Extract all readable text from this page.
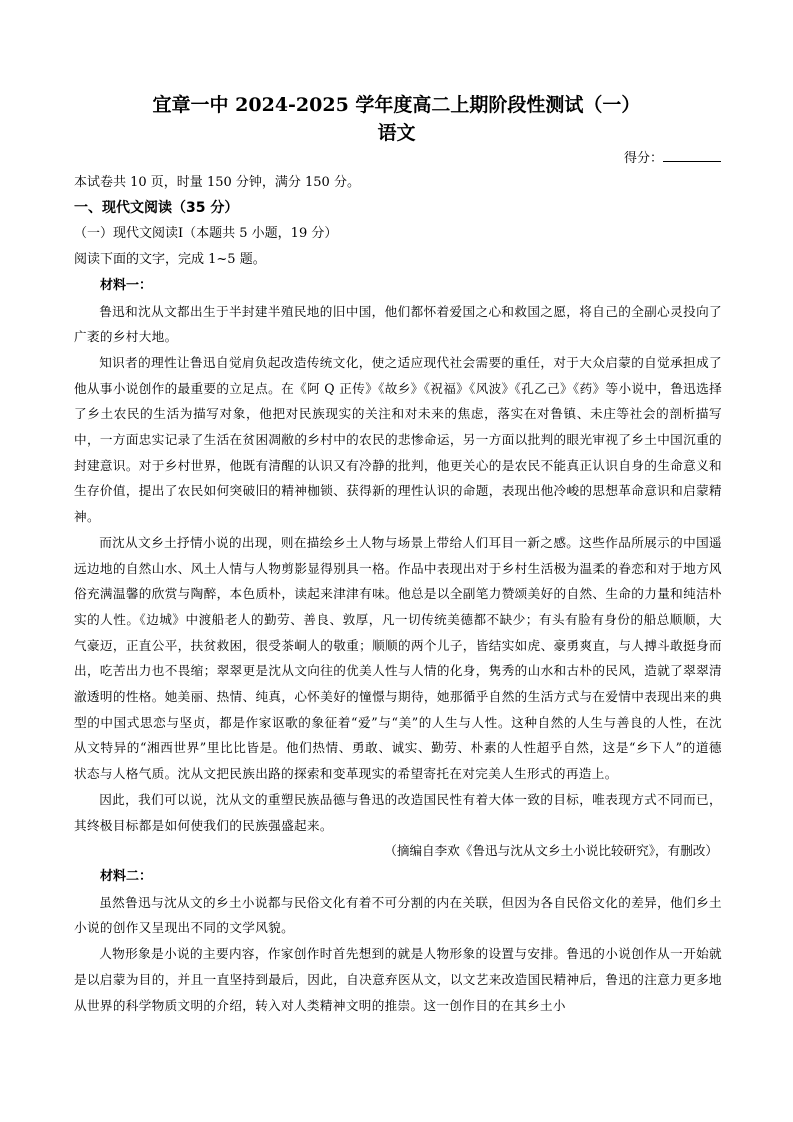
宜章一中 2024-2025 学年度高二上期阶段性测试（一）
语文
得分：

本试卷共 10 页，时量 150 分钟，满分 150 分。

一、现代文阅读（35 分）

（一）现代文阅读Ⅰ（本题共 5 小题，19 分）

阅读下面的文字，完成 1~5 题。

材料一：

鲁迅和沈从文都出生于半封建半殖民地的旧中国，他们都怀着爱国之心和救国之愿，将自己的全副心灵投向了广袤的乡村大地。

知识者的理性让鲁迅自觉肩负起改造传统文化，使之适应现代社会需要的重任，对于大众启蒙的自觉承担成了他从事小说创作的最重要的立足点。在《阿 Q 正传》《故乡》《祝福》《风波》《孔乙己》《药》等小说中，鲁迅选择了乡土农民的生活为描写对象，他把对民族现实的关注和对未来的焦虑，落实在对鲁镇、未庄等社会的剖析描写中，一方面忠实记录了生活在贫困凋敝的乡村中的农民的悲惨命运，另一方面以批判的眼光审视了乡土中国沉重的封建意识。对于乡村世界，他既有清醒的认识又有冷静的批判，他更关心的是农民不能真正认识自身的生命意义和生存价值，提出了农民如何突破旧的精神枷锁、获得新的理性认识的命题，表现出他冷峻的思想革命意识和启蒙精神。

而沈从文乡土抒情小说的出现，则在描绘乡土人物与场景上带给人们耳目一新之感。这些作品所展示的中国遥远边地的自然山水、风土人情与人物剪影显得别具一格。作品中表现出对于乡村生活极为温柔的眷恋和对于地方风俗充满温馨的欣赏与陶醉，本色质朴，读起来津津有味。他总是以全副笔力赞颂美好的自然、生命的力量和纯洁朴实的人性。《边城》中渡船老人的勤劳、善良、敦厚，凡一切传统美德都不缺少；有头有脸有身份的船总顺顺，大气豪迈，正直公平，扶贫救困，很受茶峒人的敬重；顺顺的两个儿子，皆结实如虎、豪勇爽直，与人搏斗敢挺身而出，吃苦出力也不畏缩；翠翠更是沈从文向往的优美人性与人情的化身，隽秀的山水和古朴的民风，造就了翠翠清澈透明的性格。她美丽、热情、纯真，心怀美好的憧憬与期待，她那循乎自然的生活方式与在爱情中表现出来的典型的中国式思恋与坚贞，都是作家讴歌的象征着“爱”与“美”的人生与人性。这种自然的人生与善良的人性，在沈从文特异的“湘西世界”里比比皆是。他们热情、勇敢、诚实、勤劳、朴素的人性超乎自然，这是“乡下人”的道德状态与人格气质。沈从文把民族出路的探索和变革现实的希望寄托在对完美人生形式的再造上。

因此，我们可以说，沈从文的重塑民族品德与鲁迅的改造国民性有着大体一致的目标，唯表现方式不同而已，其终极目标都是如何使我们的民族强盛起来。

（摘编自李欢《鲁迅与沈从文乡土小说比较研究》，有删改）

材料二：

虽然鲁迅与沈从文的乡土小说都与民俗文化有着不可分割的内在关联，但因为各自民俗文化的差异，他们乡土小说的创作又呈现出不同的文学风貌。

人物形象是小说的主要内容，作家创作时首先想到的就是人物形象的设置与安排。鲁迅的小说创作从一开始就是以启蒙为目的，并且一直坚持到最后，因此，自决意弃医从文，以文艺来改造国民精神后，鲁迅的注意力更多地从世界的科学物质文明的介绍，转入对人类精神文明的推崇。这一创作目的在其乡土小
